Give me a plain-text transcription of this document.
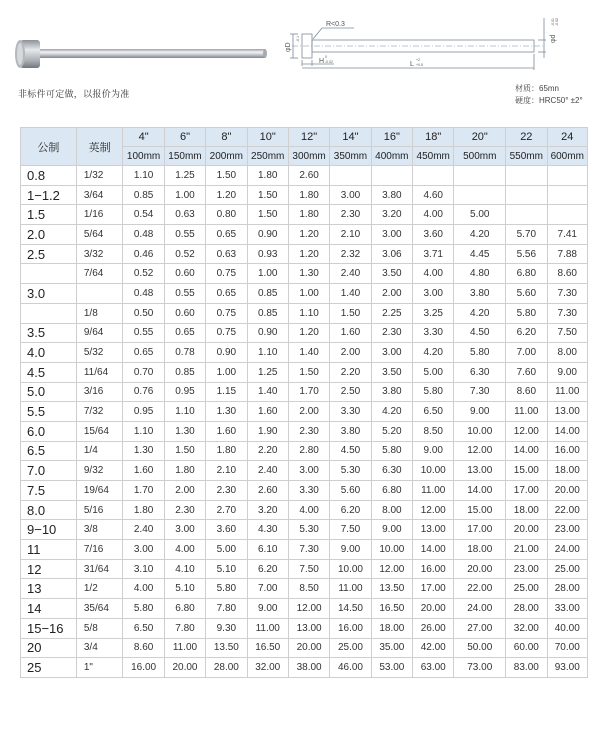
非标件可定做，以报价为准
R<0.3
φD
-0.1
H
0
-0.02	L
+2
+0.5
φd
-0.01 -0.02
材质：65mn
硬度：HRC50° ±2°
公制	英制	4"	6"	8"	10"	12"	14"	16"	18"	20"	22	24
		100mm	150mm	200mm	250mm	300mm	350mm	400mm	450mm	500mm	550mm	600mm
0.8	1/32	1.10	1.25	1.50	1.80	2.60						
1−1.2	3/64	0.85	1.00	1.20	1.50	1.80	3.00	3.80	4.60			
1.5	1/16	0.54	0.63	0.80	1.50	1.80	2.30	3.20	4.00	5.00		
2.0	5/64	0.48	0.55	0.65	0.90	1.20	2.10	3.00	3.60	4.20	5.70	7.41
2.5	3/32	0.46	0.52	0.63	0.93	1.20	2.32	3.06	3.71	4.45	5.56	7.88
	7/64	0.52	0.60	0.75	1.00	1.30	2.40	3.50	4.00	4.80	6.80	8.60
3.0		0.48	0.55	0.65	0.85	1.00	1.40	2.00	3.00	3.80	5.60	7.30
	1/8	0.50	0.60	0.75	0.85	1.10	1.50	2.25	3.25	4.20	5.80	7.30
3.5	9/64	0.55	0.65	0.75	0.90	1.20	1.60	2.30	3.30	4.50	6.20	7.50
4.0	5/32	0.65	0.78	0.90	1.10	1.40	2.00	3.00	4.20	5.80	7.00	8.00
4.5	11/64	0.70	0.85	1.00	1.25	1.50	2.20	3.50	5.00	6.30	7.60	9.00
5.0	3/16	0.76	0.95	1.15	1.40	1.70	2.50	3.80	5.80	7.30	8.60	11.00
5.5	7/32	0.95	1.10	1.30	1.60	2.00	3.30	4.20	6.50	9.00	11.00	13.00
6.0	15/64	1.10	1.30	1.60	1.90	2.30	3.80	5.20	8.50	10.00	12.00	14.00
6.5	1/4	1.30	1.50	1.80	2.20	2.80	4.50	5.80	9.00	12.00	14.00	16.00
7.0	9/32	1.60	1.80	2.10	2.40	3.00	5.30	6.30	10.00	13.00	15.00	18.00
7.5	19/64	1.70	2.00	2.30	2.60	3.30	5.60	6.80	11.00	14.00	17.00	20.00
8.0	5/16	1.80	2.30	2.70	3.20	4.00	6.20	8.00	12.00	15.00	18.00	22.00
9−10	3/8	2.40	3.00	3.60	4.30	5.30	7.50	9.00	13.00	17.00	20.00	23.00
11	7/16	3.00	4.00	5.00	6.10	7.30	9.00	10.00	14.00	18.00	21.00	24.00
12	31/64	3.10	4.10	5.10	6.20	7.50	10.00	12.00	16.00	20.00	23.00	25.00
13	1/2	4.00	5.10	5.80	7.00	8.50	11.00	13.50	17.00	22.00	25.00	28.00
14	35/64	5.80	6.80	7.80	9.00	12.00	14.50	16.50	20.00	24.00	28.00	33.00
15−16	5/8	6.50	7.80	9.30	11.00	13.00	16.00	18.00	26.00	27.00	32.00	40.00
20	3/4	8.60	11.00	13.50	16.50	20.00	25.00	35.00	42.00	50.00	60.00	70.00
25	1"	16.00	20.00	28.00	32.00	38.00	46.00	53.00	63.00	73.00	83.00	93.00
